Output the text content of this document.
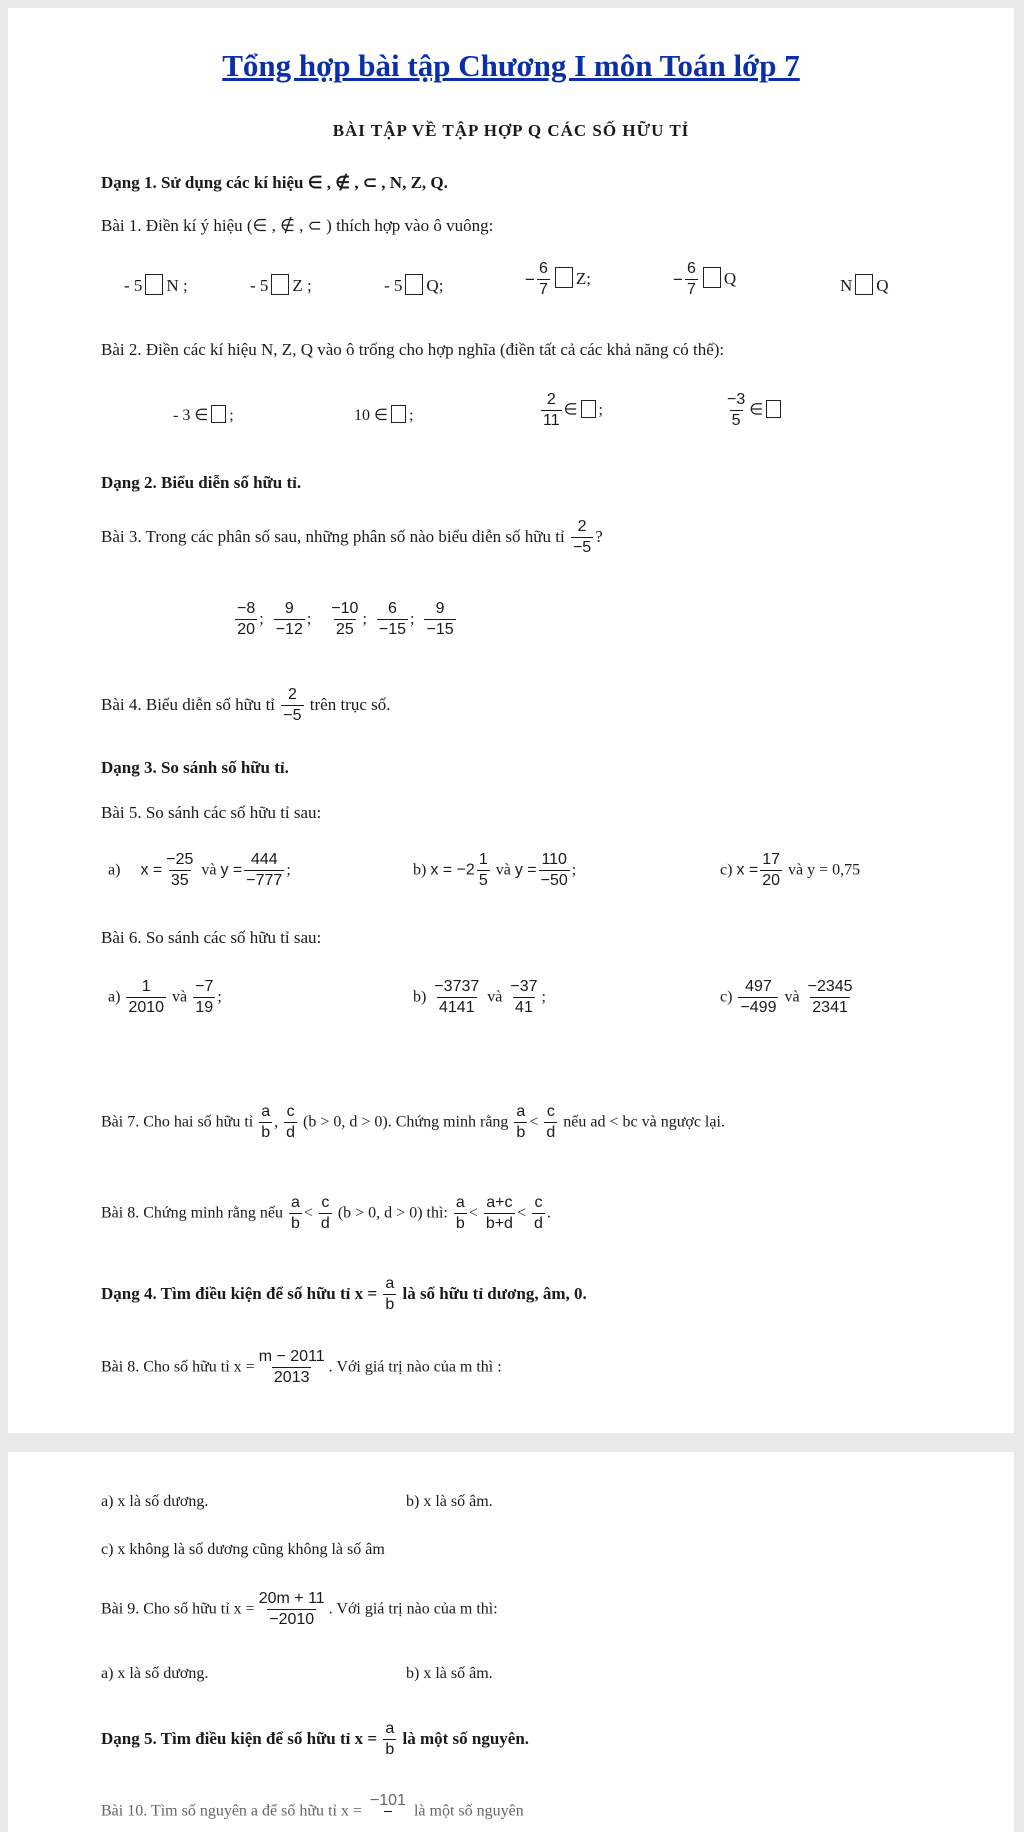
Tổng hợp bài tập Chương I môn Toán lớp 7
BÀI TẬP VỀ TẬP HỢP Q CÁC SỐ HỮU TỈ
Dạng 1. Sử dụng các kí hiệu ∈ , ∉ , ⊂ , N, Z, Q.
Bài 1. Điền kí ý hiệu (∈ , ∉ , ⊂ ) thích hợp vào ô vuông:
- 5 N ;	- 5 Z ;	- 5 Q;	− $\frac{6}{7} Z$;	− $\frac{6}{7}$ Q	N Q
Bài 2. Điền các kí hiệu N, Z, Q vào ô trống cho hợp nghĩa (điền tất cả các khả năng có thể):
- 3 ∈ ;	10 ∈ ;	$\frac{2}{11}$ ∈ ;	$\frac{-3}{5}$ ∈
Dạng 2. Biểu diễn số hữu tỉ.
Bài 3. Trong các phân số sau, những phân số nào biểu diễn số hữu tỉ $\frac{2}{-5}$ ?
$\frac{-8}{20}$ ; $\frac{9}{-12}$ ; $\frac{-10}{25}$ ; $\frac{6}{-15}$ ; $\frac{9}{-15}$
Bài 4. Biểu diễn số hữu tỉ $\frac{2}{-5}$ trên trục số.
Dạng 3. So sánh số hữu tỉ.
Bài 5. So sánh các số hữu tỉ sau:
a) $x = \frac{-25}{35}$ và $y = \frac{444}{-777}$ ;	b) $x = -2 \frac{1}{5}$ và $y = \frac{110}{-50}$ ;	c) $x = \frac{17}{20}$ và y = 0,75
Bài 6. So sánh các số hữu tỉ sau:
$a) \frac{1}{2010}$ và $\frac{-7}{19}$ ;	$b) \frac{-3737}{4141}$ và $\frac{-37}{41}$ ;	$c) \frac{497}{-499}$ và $\frac{-2345}{2341}$
Bài 7. Cho hai số hữu tỉ $\frac{a}{b}$ , $\frac{c}{d} (b > 0$, d > 0). Chứng minh rằng $\frac{a}{b} < \frac{c}{d}$ nếu ad < bc và ngược lại.
Bài 8. Chứng minh rằng nếu $\frac{a}{b} < \frac{c}{d} (b > 0$, d > 0) thì: $\frac{a}{b} < \frac{a+c}{b+d} < \frac{c}{d}$ .
Dạng 4. Tìm điều kiện để số hữu tỉ $x = \frac{a}{b}$ là số hữu tỉ dương, âm, 0.
Bài 8. Cho số hữu tỉ $x = \frac{m - 2011}{2013}$ . Với giá trị nào của m thì :
a) x là số dương.	b) x là số âm.
c) x không là số dương cũng không là số âm
Bài 9. Cho số hữu tỉ $x = \frac{20m + 11}{-2010}$ . Với giá trị nào của m thì:
a) x là số dương.	b) x là số âm.
Dạng 5. Tìm điều kiện để số hữu tỉ $x = \frac{a}{b}$ là một số nguyên.
Bài 10. Tìm số nguyên a để số hữu tỉ x =
−101

là một số nguyên
